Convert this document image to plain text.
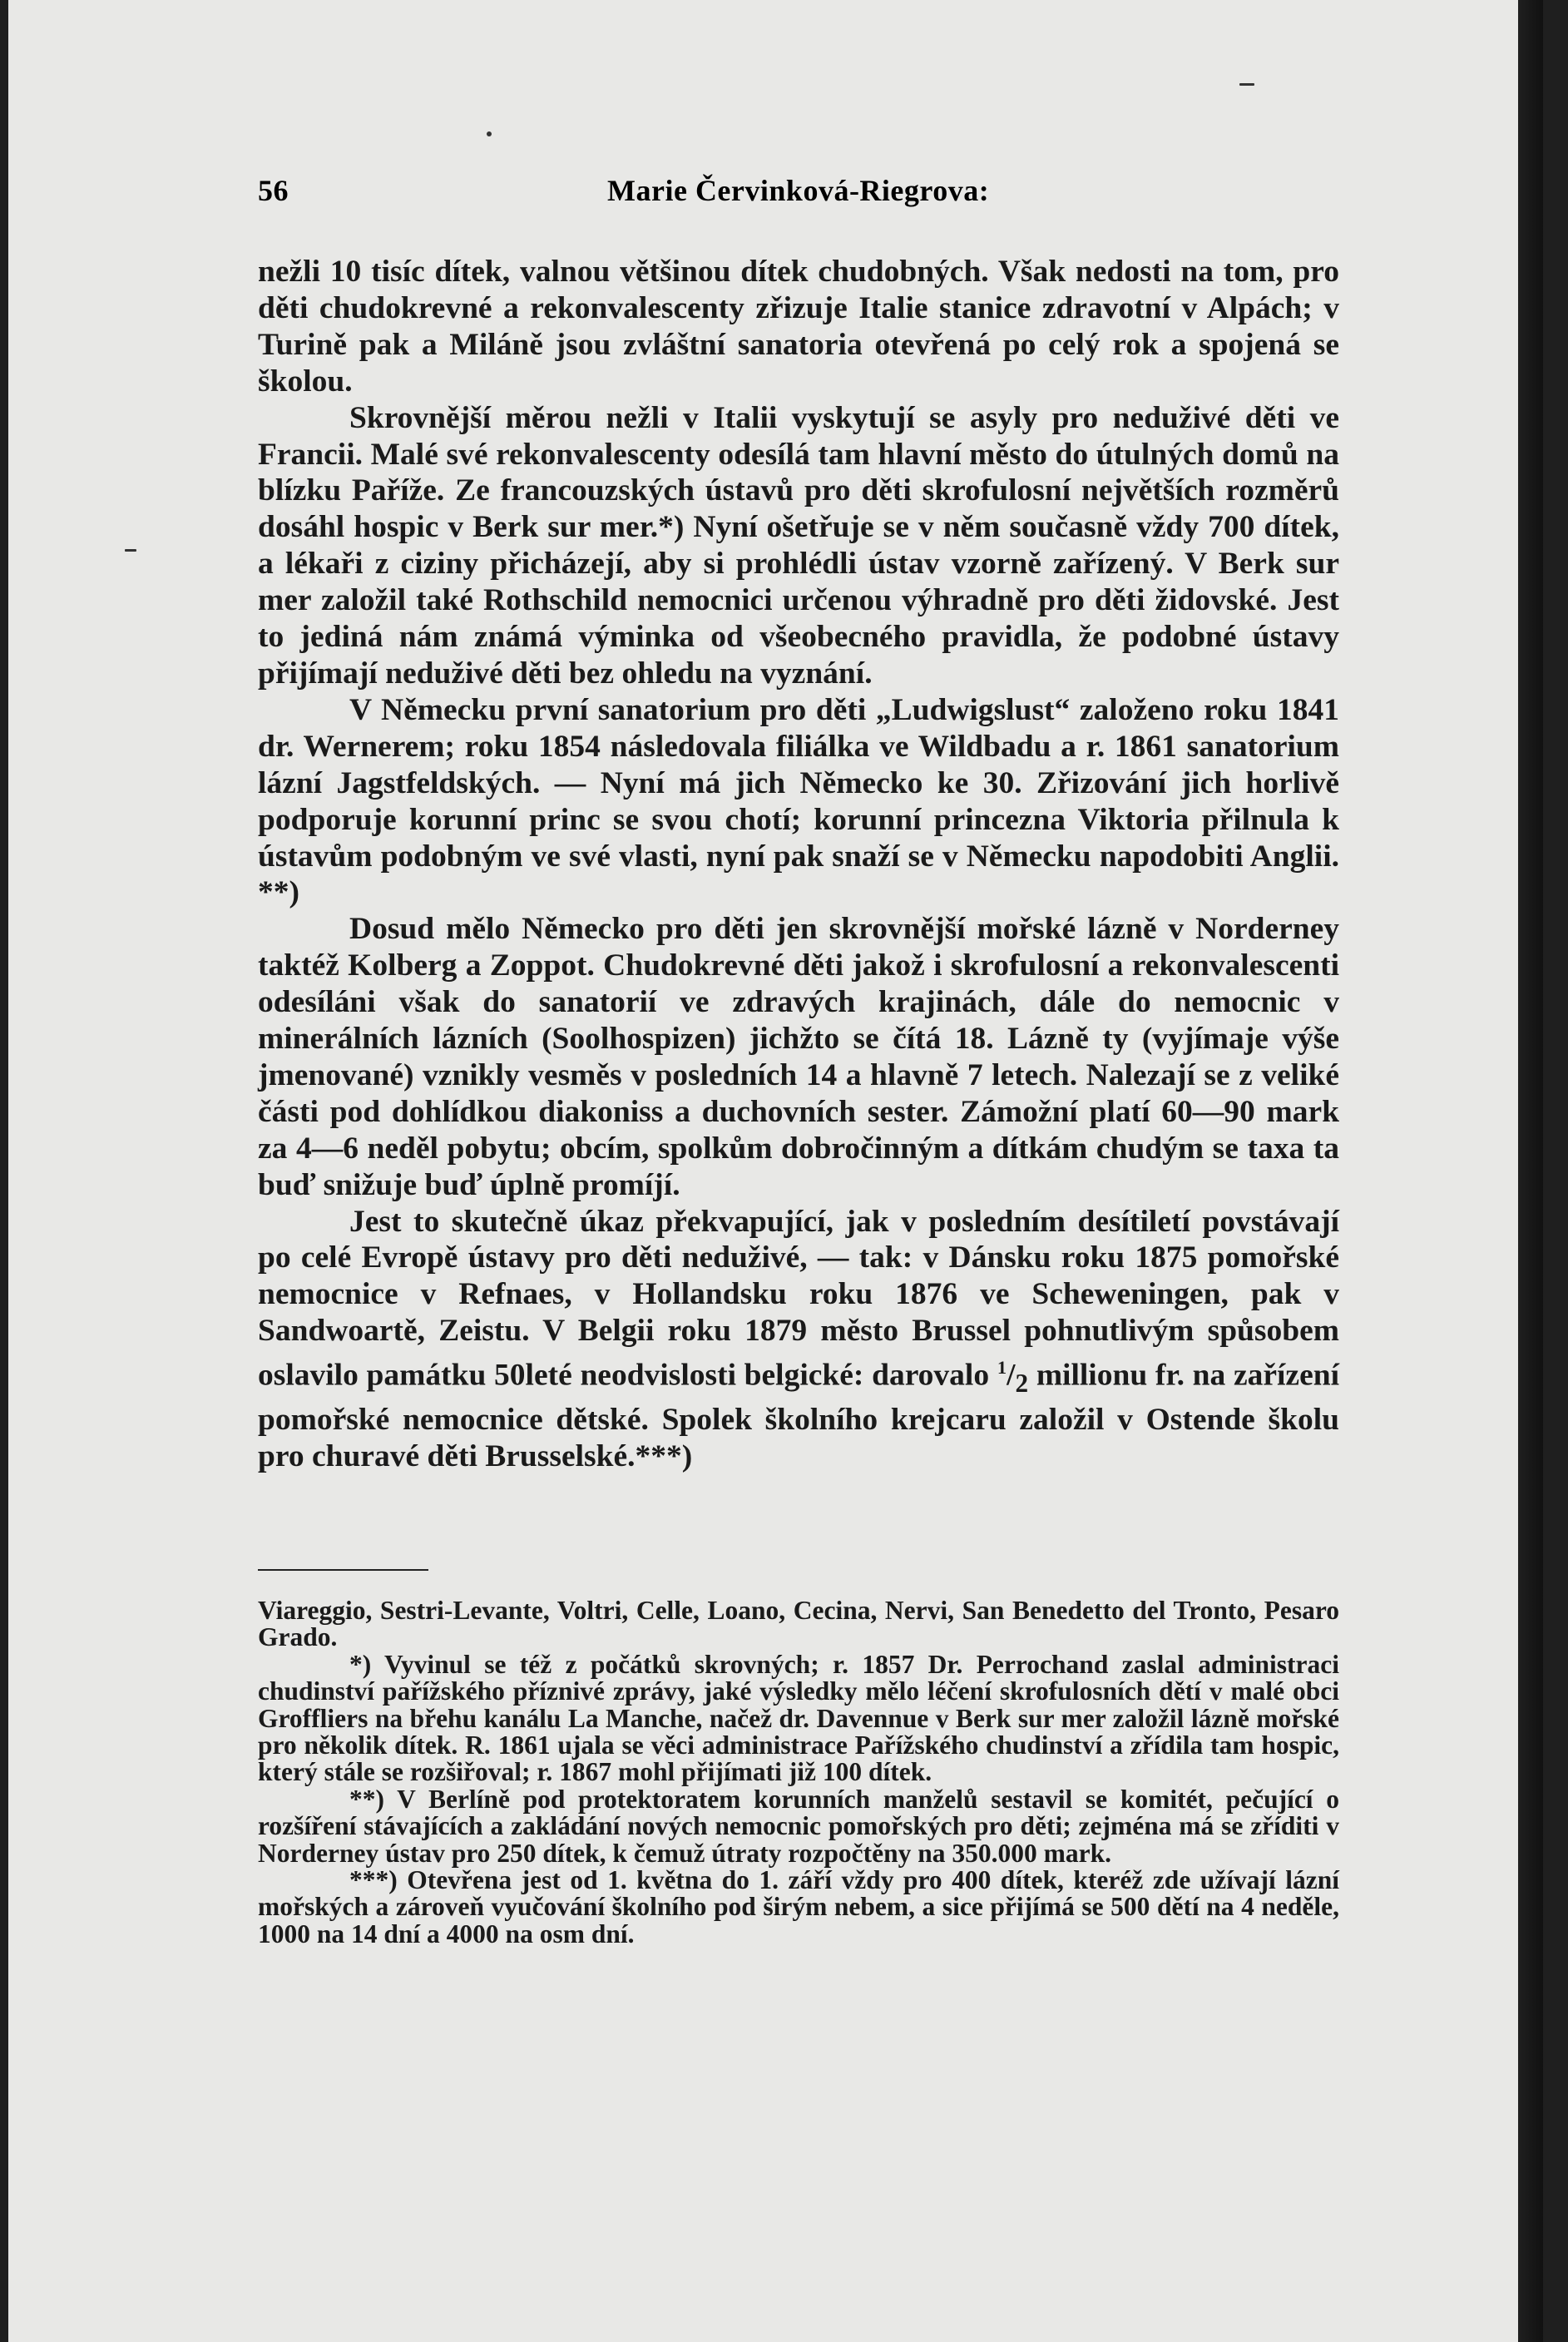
56	Marie Červinková-Riegrova:

nežli 10 tisíc dítek, valnou většinou dítek chudobných. Však nedosti na tom, pro děti chudokrevné a rekonvalescenty zřizuje Italie stanice zdravotní v Alpách; v Turině pak a Miláně jsou zvláštní sanatoria otevřená po celý rok a spojená se školou.

Skrovnější měrou nežli v Italii vyskytují se asyly pro neduživé děti ve Francii. Malé své rekonvalescenty odesílá tam hlavní město do útulných domů na blízku Paříže. Ze francouzských ústavů pro děti skrofulosní největších rozměrů dosáhl hospic v Berk sur mer.*) Nyní ošetřuje se v něm současně vždy 700 dítek, a lékaři z ciziny přicházejí, aby si prohlédli ústav vzorně zařízený. V Berk sur mer založil také Rothschild nemocnici určenou výhradně pro děti židovské. Jest to jediná nám známá výminka od všeobecného pravidla, že podobné ústavy přijímají neduživé děti bez ohledu na vyznání.

V Německu první sanatorium pro děti „Ludwigslust“ založeno roku 1841 dr. Wernerem; roku 1854 následovala filiálka ve Wildbadu a r. 1861 sanatorium lázní Jagstfeldských. — Nyní má jich Německo ke 30. Zřizování jich horlivě podporuje korunní princ se svou chotí; korunní princezna Viktoria přilnula k ústavům podobným ve své vlasti, nyní pak snaží se v Německu napodobiti Anglii. **)

Dosud mělo Německo pro děti jen skrovnější mořské lázně v Norderney taktéž Kolberg a Zoppot. Chudokrevné děti jakož i skrofulosní a rekonvalescenti odesíláni však do sanatorií ve zdravých krajinách, dále do nemocnic v minerálních lázních (Soolhospizen) jichžto se čítá 18. Lázně ty (vyjímaje výše jmenované) vznikly vesměs v posledních 14 a hlavně 7 letech. Nalezají se z veliké části pod dohlídkou diakoniss a duchovních sester. Zámožní platí 60—90 mark za 4—6 neděl pobytu; obcím, spolkům dobročinným a dítkám chudým se taxa ta buď snižuje buď úplně promíjí.

Jest to skutečně úkaz překvapující, jak v posledním desítiletí povstávají po celé Evropě ústavy pro děti neduživé, — tak: v Dánsku roku 1875 pomořské nemocnice v Refnaes, v Hollandsku roku 1876 ve Scheweningen, pak v Sandwoartě, Zeistu. V Belgii roku 1879 město Brussel pohnutlivým spůsobem oslavilo památku 50leté neodvislosti belgické: darovalo $^1/_2$ millionu fr. na zařízení pomořské nemocnice dětské. Spolek školního krejcaru založil v Ostende školu pro churavé děti Brusselské.***)

Viareggio, Sestri-Levante, Voltri, Celle, Loano, Cecina, Nervi, San Benedetto del Tronto, Pesaro Grado.

*) Vyvinul se též z počátků skrovných; r. 1857 Dr. Perrochand zaslal administraci chudinství pařížského příznivé zprávy, jaké výsledky mělo léčení skrofulosních dětí v malé obci Groffliers na břehu kanálu La Manche, načež dr. Davennue v Berk sur mer založil lázně mořské pro několik dítek. R. 1861 ujala se věci administrace Pařížského chudinství a zřídila tam hospic, který stále se rozšiřoval; r. 1867 mohl přijímati již 100 dítek.

**) V Berlíně pod protektoratem korunních manželů sestavil se komitét, pečující o rozšíření stávajících a zakládání nových nemocnic pomořských pro děti; zejména má se zříditi v Norderney ústav pro 250 dítek, k čemuž útraty rozpočtěny na 350.000 mark.

***) Otevřena jest od 1. května do 1. září vždy pro 400 dítek, kteréž zde užívají lázní mořských a zároveň vyučování školního pod širým nebem, a sice přijímá se 500 dětí na 4 neděle, 1000 na 14 dní a 4000 na osm dní.
